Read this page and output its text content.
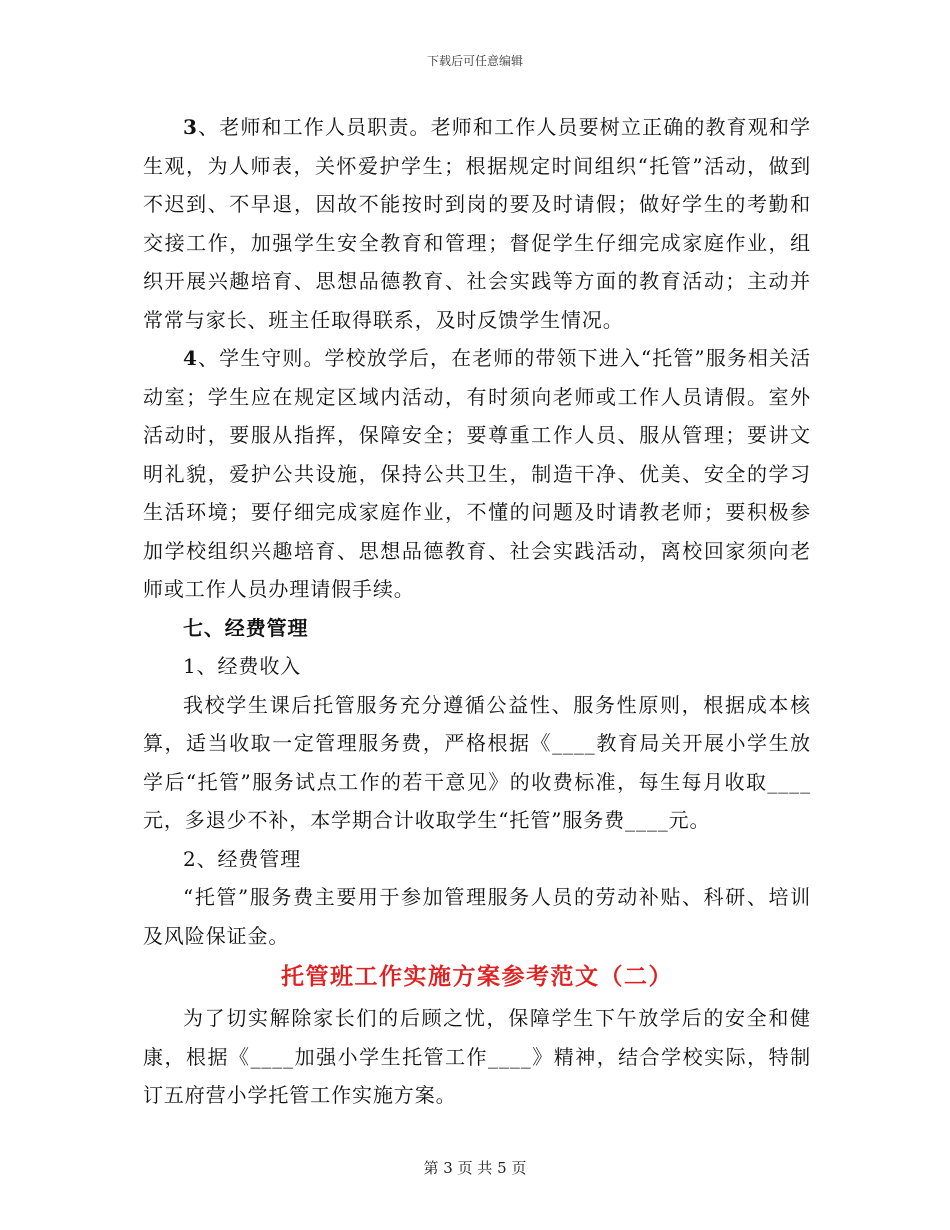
下载后可任意编辑

3、老师和工作人员职责。老师和工作人员要树立正确的教育观和学生观，为人师表，关怀爱护学生；根据规定时间组织“托管”活动，做到不迟到、不早退，因故不能按时到岗的要及时请假；做好学生的考勤和交接工作，加强学生安全教育和管理；督促学生仔细完成家庭作业，组织开展兴趣培育、思想品德教育、社会实践等方面的教育活动；主动并常常与家长、班主任取得联系，及时反馈学生情况。

4、学生守则。学校放学后，在老师的带领下进入“托管”服务相关活动室；学生应在规定区域内活动，有时须向老师或工作人员请假。室外活动时，要服从指挥，保障安全；要尊重工作人员、服从管理；要讲文明礼貌，爱护公共设施，保持公共卫生，制造干净、优美、安全的学习生活环境；要仔细完成家庭作业，不懂的问题及时请教老师；要积极参加学校组织兴趣培育、思想品德教育、社会实践活动，离校回家须向老师或工作人员办理请假手续。

七、经费管理

1、经费收入

我校学生课后托管服务充分遵循公益性、服务性原则，根据成本核算，适当收取一定管理服务费，严格根据《____教育局关开展小学生放学后“托管”服务试点工作的若干意见》的收费标准，每生每月收取____元，多退少不补，本学期合计收取学生“托管”服务费____元。

2、经费管理

“托管”服务费主要用于参加管理服务人员的劳动补贴、科研、培训及风险保证金。

托管班工作实施方案参考范文（二）

为了切实解除家长们的后顾之忧，保障学生下午放学后的安全和健康，根据《____加强小学生托管工作____》精神，结合学校实际，特制订五府营小学托管工作实施方案。

第 3 页 共 5 页
